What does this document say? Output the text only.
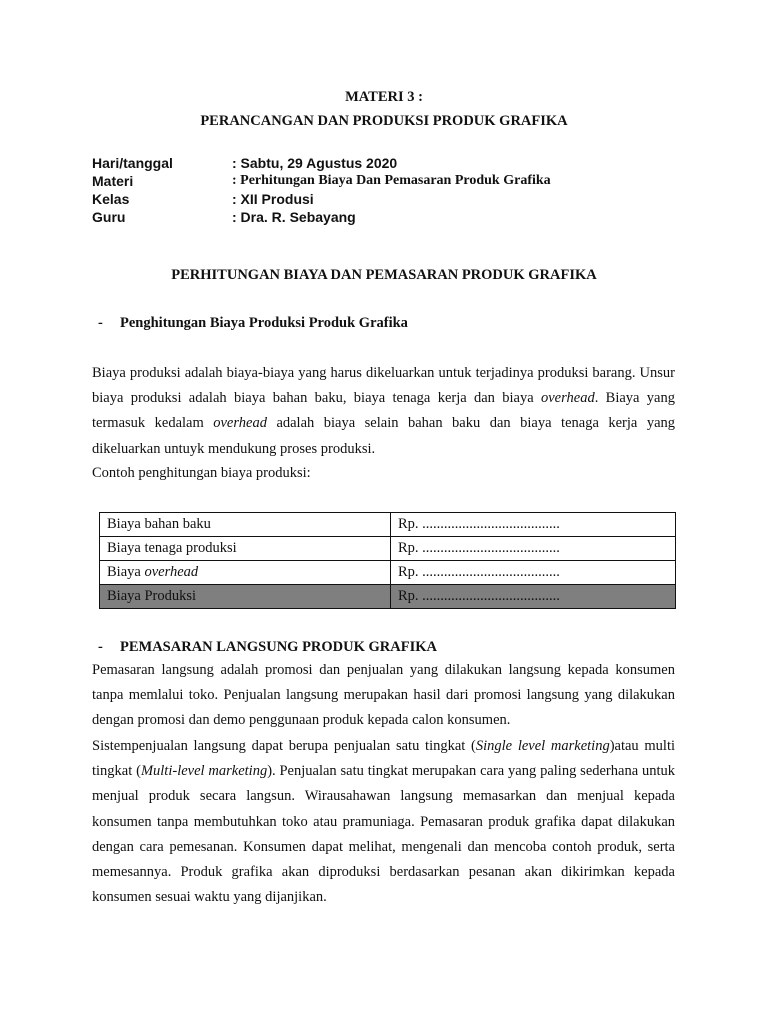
MATERI 3 :
PERANCANGAN DAN PRODUKSI PRODUK GRAFIKA
Hari/tanggal	: Sabtu, 29 Agustus 2020
Materi	: Perhitungan Biaya Dan Pemasaran Produk Grafika
Kelas	: XII Produsi
Guru	: Dra. R. Sebayang
PERHITUNGAN BIAYA DAN PEMASARAN PRODUK GRAFIKA
- Penghitungan Biaya Produksi Produk Grafika

Biaya produksi adalah biaya-biaya yang harus dikeluarkan untuk terjadinya produksi barang. Unsur biaya produksi adalah biaya bahan baku, biaya tenaga kerja dan biaya overhead. Biaya yang termasuk kedalam overhead adalah biaya selain bahan baku dan biaya tenaga kerja yang dikeluarkan untuyk mendukung proses produksi.

Contoh penghitungan biaya produksi:

Biaya bahan baku	Rp. ......................................
Biaya tenaga produksi	Rp. ......................................
Biaya overhead	Rp. ......................................
Biaya Produksi	Rp. ......................................
- PEMASARAN LANGSUNG PRODUK GRAFIKA

Pemasaran langsung adalah promosi dan penjualan yang dilakukan langsung kepada konsumen tanpa memlalui toko. Penjualan langsung merupakan hasil dari promosi langsung yang dilakukan dengan promosi dan demo penggunaan produk kepada calon konsumen.

Sistempenjualan langsung dapat berupa penjualan satu tingkat (Single level marketing)atau multi tingkat (Multi-level marketing). Penjualan satu tingkat merupakan cara yang paling sederhana untuk menjual produk secara langsun. Wirausahawan langsung memasarkan dan menjual kepada konsumen tanpa membutuhkan toko atau pramuniaga. Pemasaran produk grafika dapat dilakukan dengan cara pemesanan. Konsumen dapat melihat, mengenali dan mencoba contoh produk, serta memesannya. Produk grafika akan diproduksi berdasarkan pesanan akan dikirimkan kepada konsumen sesuai waktu yang dijanjikan.
